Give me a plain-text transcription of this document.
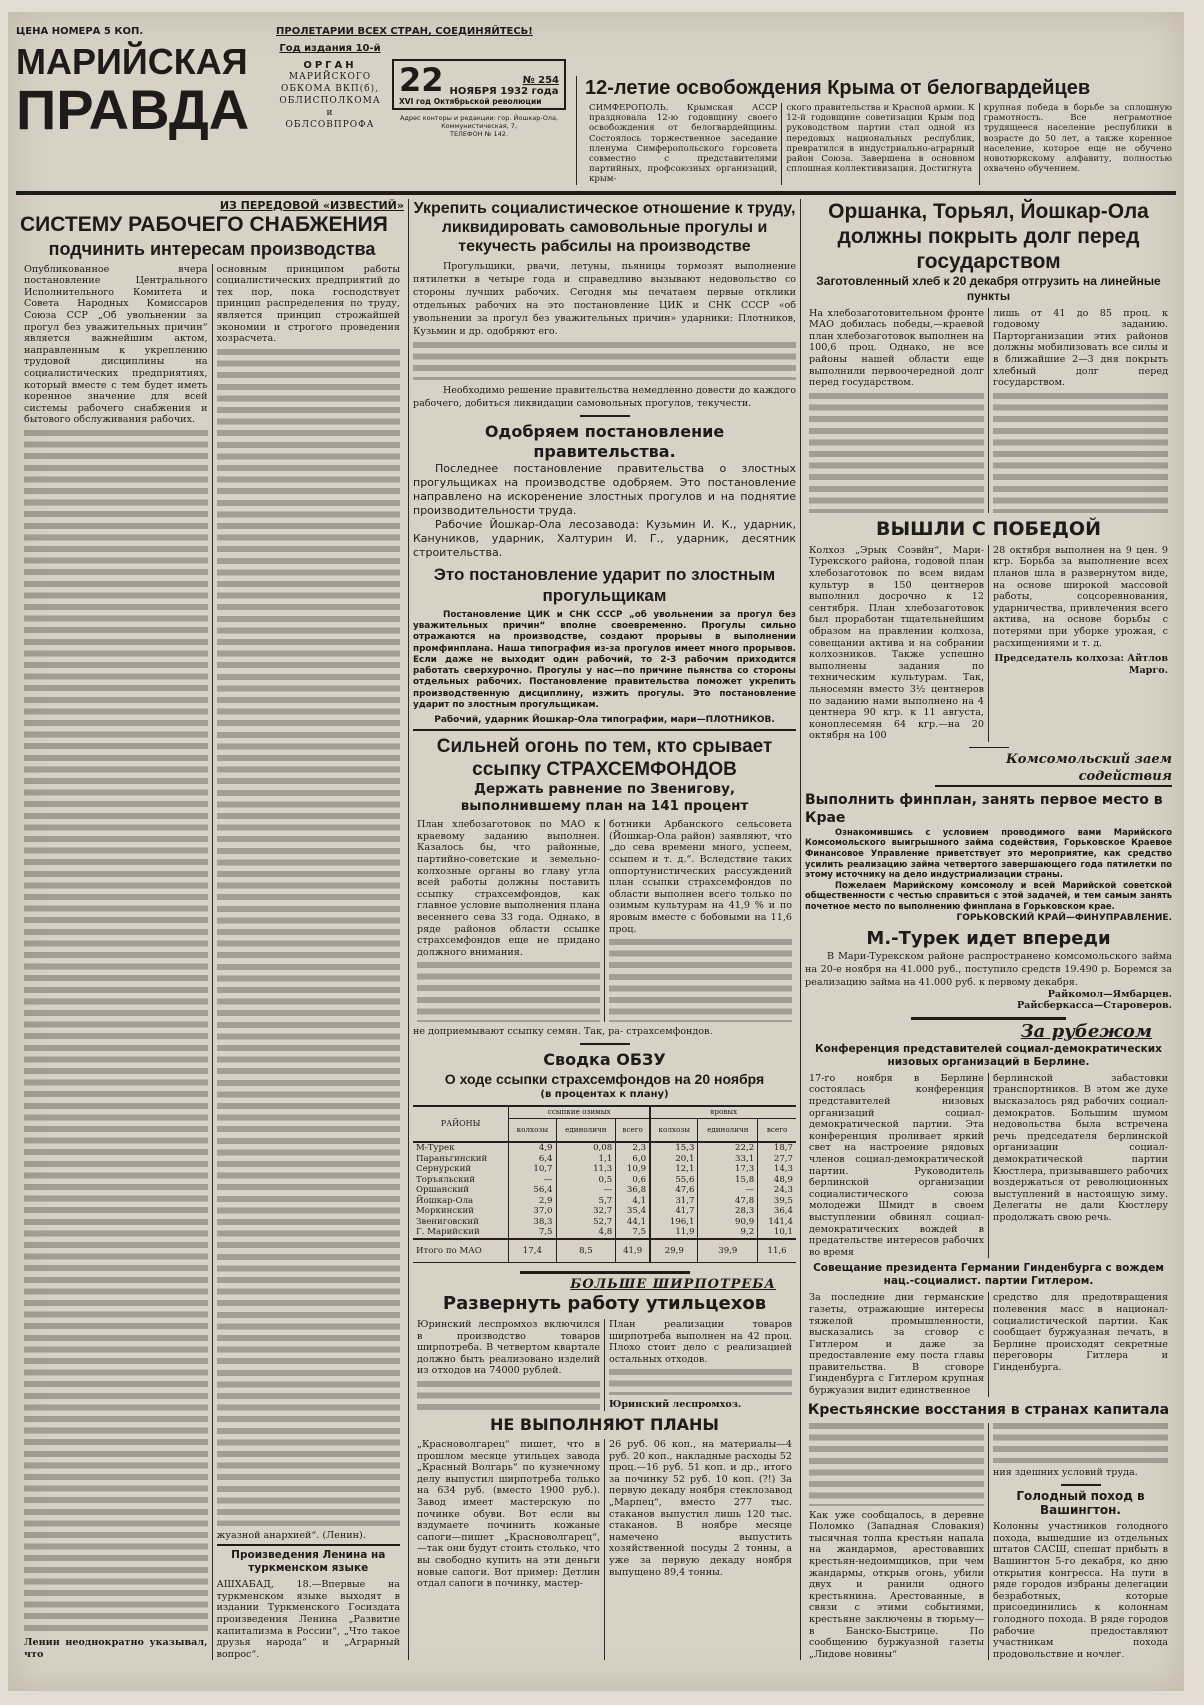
ЦЕНА НОМЕРА 5 КОП.
МАРИЙСКАЯ
ПРАВДА
ПРОЛЕТАРИИ ВСЕХ СТРАН, СОЕДИНЯЙТЕСЬ!
Год издания 10-й
ОРГАН
МАРИЙСКОГО
ОБКОМА ВКП(б),
ОБЛИСПОЛКОМА и
ОБЛСОВПРОФА
22	№ 254
НОЯБРЯ 1932 года
XVI год Октябрьской революции
Адрес конторы и редакции: гор. Йошкар-Ола, Коммунистическая, 7,
ТЕЛЕФОН № 142.
12-летие освобождения Крыма от белогвардейцев
СИМФЕРОПОЛЬ. Крымская АССР праздновала 12-ю годовщину своего освобождения от белогвардейщины. Состоялось торжественное заседание пленума Симферопольского горсовета совместно с представителями партийных, профсоюзных организаций, крым-
ского правительства и Красной армии. К 12-й годовщине советизации Крым под руководством партии стал одной из передовых национальных республик, превратился в индустриально-аграрный район Союза. Завершена в основном сплошная коллективизация. Достигнута
крупная победа в борьбе за сплошную грамотность. Все неграмотное трудящееся население республики в возрасте до 50 лет, а также коренное население, которое еще не обучено новотюркскому алфавиту, полностью охвачено обучением.
ИЗ ПЕРЕДОВОЙ «ИЗВЕСТИЙ»
СИСТЕМУ РАБОЧЕГО СНАБЖЕНИЯ
подчинить интересам производства
Опубликованное вчера постановление Центрального Исполнительного Комитета и Совета Народных Комиссаров Союза ССР „Об увольнении за прогул без уважительных причин“ является важнейшим актом, направленным к укреплению трудовой дисциплины на социалистических предприятиях, который вместе с тем будет иметь коренное значение для всей системы рабочего снабжения и бытового обслуживания рабочих.
Ленин неоднократно указывал, что
основным принципом работы социалистических предприятий до тех пор, пока господствует принцип распределения по труду, является принцип строжайшей экономии и строгого проведения хозрасчета.
жуазной анархией“. (Ленин).
Произведения Ленина на туркменском языке
АШХАБАД, 18.—Впервые на туркменском языке выходят в издании Туркменского Госиздата произведения Ленина „Развитие капитализма в России“, „Что такое друзья народа“ и „Аграрный вопрос“.
Укрепить социалистическое отношение к труду, ликвидировать самовольные прогулы и текучесть рабсилы на производстве
Прогульщики, рвачи, летуны, пьяницы тормозят выполнение пятилетки в четыре года и справедливо вызывают недовольство со стороны лучших рабочих. Сегодня мы печатаем первые отклики отдельных рабочих на это постановление ЦИК и СНК СССР «об увольнении за прогул без уважительных причин» ударники: Плотников, Кузьмин и др. одобряют его.
Необходимо решение правительства немедленно довести до каждого рабочего, добиться ликвидации самовольных прогулов, текучести.
Одобряем постановление правительства.
Последнее постановление правительства о злостных прогульщиках на производстве одобряем. Это постановление направлено на искоренение злостных прогулов и на поднятие производительности труда.
Рабочие Йошкар-Ола лесозавода: Кузьмин И. К., ударник, Кануников, ударник, Халтурин И. Г., ударник, десятник строительства.
Это постановление ударит по злостным прогульщикам
Постановление ЦИК и СНК СССР „об увольнении за прогул без уважительных причин“ вполне своевременно. Прогулы сильно отражаются на производстве, создают прорывы в выполнении промфинплана. Наша типография из-за прогулов имеет много прорывов. Если даже не выходит один рабочий, то 2-3 рабочим приходится работать сверхурочно. Прогулы у нас—по причине пьянства со стороны отдельных рабочих. Постановление правительства поможет укрепить производственную дисциплину, изжить прогулы. Это постановление ударит по злостным прогульщикам.
Рабочий, ударник Йошкар-Ола типографии, мари—ПЛОТНИКОВ.
Сильней огонь по тем, кто срывает ссыпку СТРАХСЕМФОНДОВ
Держать равнение по Звенигову, выполнившему план на 141 процент
План хлебозаготовок по МАО к краевому заданию выполнен. Казалось бы, что районные, партийно-советские и земельно-колхозные органы во главу угла всей работы должны поставить ссыпку страхсемфондов, как главное условие выполнения плана весеннего сева 33 года. Однако, в ряде районов области ссыпке страхсемфондов еще не придано должного внимания.
ботники Арбанского сельсовета (Йошкар-Ола район) заявляют, что „до сева времени много, успеем, ссыпем и т. д.“. Вследствие таких оппортунистических рассуждений план ссыпки страхсемфондов по области выполнен всего только по озимым культурам на 41,9 % и по яровым вместе с бобовыми на 11,6 проц.
не доприемывают ссыпку семян. Так, ра- страхсемфондов.
Сводка ОБЗУ
О ходе ссыпки страхсемфондов на 20 ноября
(в процентах к плану)
РАЙОНЫ	ссыпкие озимых			яровых		
	колхозы	единоличн	всего	колхозы	единоличн	всего
М-Турек	4,9	0,08	2,3	15,3	22,2	18,7
Параньгинский	6,4	1,1	6,0	20,1	33,1	27,7
Сернурский	10,7	11,3	10,9	12,1	17,3	14,3
Торъяльский	—	0,5	0,6	55,6	15,8	48,9
Оршанский	56,4	—	36,8	47,6	—	24,3
Йошкар-Ола	2,9	5,7	4,1	31,7	47,8	39,5
Моркинский	37,0	32,7	35,4	41,7	28,3	36,4
Звениговский	38,3	52,7	44,1	196,1	90,9	141,4
Г. Марийский	7,5	4,8	7,5	11,9	9,2	10,1
Итого по МАО	17,4	8,5	41,9	29,9	39,9	11,6
БОЛЬШЕ ШИРПОТРЕБА
Развернуть работу утильцехов
Юринский леспромхоз включился в производство товаров ширпотреба. В четвертом квартале должно быть реализовано изделий из отходов на 74000 рублей.
План реализации товаров ширпотреба выполнен на 42 проц. Плохо стоит дело с реализацией остальных отходов.
Юринский леспромхоз.
НЕ ВЫПОЛНЯЮТ ПЛАНЫ
„Красноволгарец“ пишет, что в прошлом месяце утильцех завода „Красный Волгарь“ по кузнечному делу выпустил ширпотреба только на 634 руб. (вместо 1900 руб.). Завод имеет мастерскую по починке обуви. Вот если вы вздумаете починить кожаные сапоги—пишет „Красноволгарец“,—так они будут стоить столько, что вы свободно купить на эти деньги новые сапоги. Вот пример: Детлин отдал сапоги в починку, мастер-
26 руб. 06 коп., на материалы—4 руб. 20 коп., накладные расходы 52 проц.—16 руб. 51 коп. и др., итого за починку 52 руб. 10 коп. (?!) За первую декаду ноября стеклозавод „Марпец“, вместо 277 тыс. стаканов выпустил лишь 120 тыс. стаканов. В ноябре месяце намечено выпустить хозяйственной посуды 2 тонны, а уже за первую декаду ноября выпущено 89,4 тонны.
Оршанка, Торьял, Йошкар-Ола должны покрыть долг перед государством
Заготовленный хлеб к 20 декабря отгрузить на линейные пункты
На хлебозаготовительном фронте МАО добилась победы,—краевой план хлебозаготовок выполнен на 100,6 проц. Однако, не все районы нашей области еще выполнили первоочередной долг перед государством.
лишь от 41 до 85 проц. к годовому заданию. Парторганизации этих районов должны мобилизовать все силы и в ближайшие 2—3 дня покрыть хлебный долг перед государством.
ВЫШЛИ С ПОБЕДОЙ
Колхоз „Эрык Соэвйн“, Мари-Турекского района, годовой план хлебозаготовок по всем видам культур в 150 центнеров выполнил досрочно к 12 сентября. План хлебозаготовок был проработан тщательнейшим образом на правлении колхоза, совещании актива и на собрании колхозников. Также успешно выполнены задания по техническим культурам. Так, льносемян вместо 3½ центнеров по заданию нами выполнено на 4 центнера 90 кгр. к 11 августа, коноплесемян 64 кгр.—на 20 октября на 100
28 октября выполнен на 9 цен. 9 кгр. Борьба за выполнение всех планов шла в развернутом виде, на основе широкой массовой работы, соцсоревнования, ударничества, привлечения всего актива, на основе борьбы с потерями при уборке урожая, с расхищениями и т. д.
Председатель колхоза: Айтлов Марго.
Комсомольский заем содействия
Выполнить финплан, занять первое место в Крае
Ознакомившись с условием проводимого вами Марийского Комсомольского выигрышного займа содействия, Горьковское Краевое Финансовое Управление приветствует это мероприятие, как средство усилить реализацию займа четвертого завершающего года пятилетки по этому источнику на дело индустриализации страны.
Пожелаем Марийскому комсомолу и всей Марийской советской общественности с честью справиться с этой задачей, и тем самым занять почетное место по выполнению финплана в Горьковском крае.
ГОРЬКОВСКИЙ КРАЙ—ФИНУПРАВЛЕНИЕ.
М.-Турек идет впереди
В Мари-Турекском районе распространено комсомольского займа на 20-е ноября на 41.000 руб., поступило средств 19.490 р. Боремся за реализацию займа на 41.000 руб. к первому декабря.
Райкомол—Ямбарцев.
Райсберкасса—Староверов.
За рубежом
Конференция представителей социал-демократических низовых организаций в Берлине.
17-го ноября в Берлине состоялась конференция представителей низовых организаций социал-демократической партии. Эта конференция проливает яркий свет на настроение рядовых членов социал-демократической партии. Руководитель берлинской организации социалистического союза молодежи Шмидт в своем выступлении обвинял социал-демократических вождей в предательстве интересов рабочих во время
берлинской забастовки транспортников. В этом же духе высказалось ряд рабочих социал-демократов. Большим шумом недовольства была встречена речь председателя берлинской организации социал-демократической партии Кюстлера, призывавшего рабочих воздержаться от революционных выступлений в настоящую зиму. Делегаты не дали Кюстлеру продолжать свою речь.
Совещание президента Германии Гинденбурга с вождем нац.-социалист. партии Гитлером.
За последние дни германские газеты, отражающие интересы тяжелой промышленности, высказались за сговор с Гитлером и даже за предоставление ему поста главы правительства. В сговоре Гинденбурга с Гитлером крупная буржуазия видит единственное
средство для предотвращения полевения масс в национал-социалистической партии. Как сообщает буржуазная печать, в Берлине происходят секретные переговоры Гитлера и Гинденбурга.
Крестьянские восстания в странах капитала
Как уже сообщалось, в деревне Поломко (Западная Словакия) тысячная толпа крестьян напала на жандармов, арестовавших крестьян-недоимщиков, при чем жандармы, открыв огонь, убили двух и ранили одного крестьянина. Арестованные, в связи с этими событиями, крестьяне заключены в тюрьму—в Банско-Быстрице. По сообщению буржуазной газеты „Лидове новины“
ния здешних условий труда.
Голодный поход в Вашингтон.
Колонны участников голодного похода, вышедшие из отдельных штатов САСШ, спешат прибыть в Вашингтон 5-го декабря, ко дню открытия конгресса. На пути в ряде городов избраны делегации безработных, которые присоединились к колоннам голодного похода. В ряде городов рабочие предоставляют участникам похода продовольствие и ночлег.
